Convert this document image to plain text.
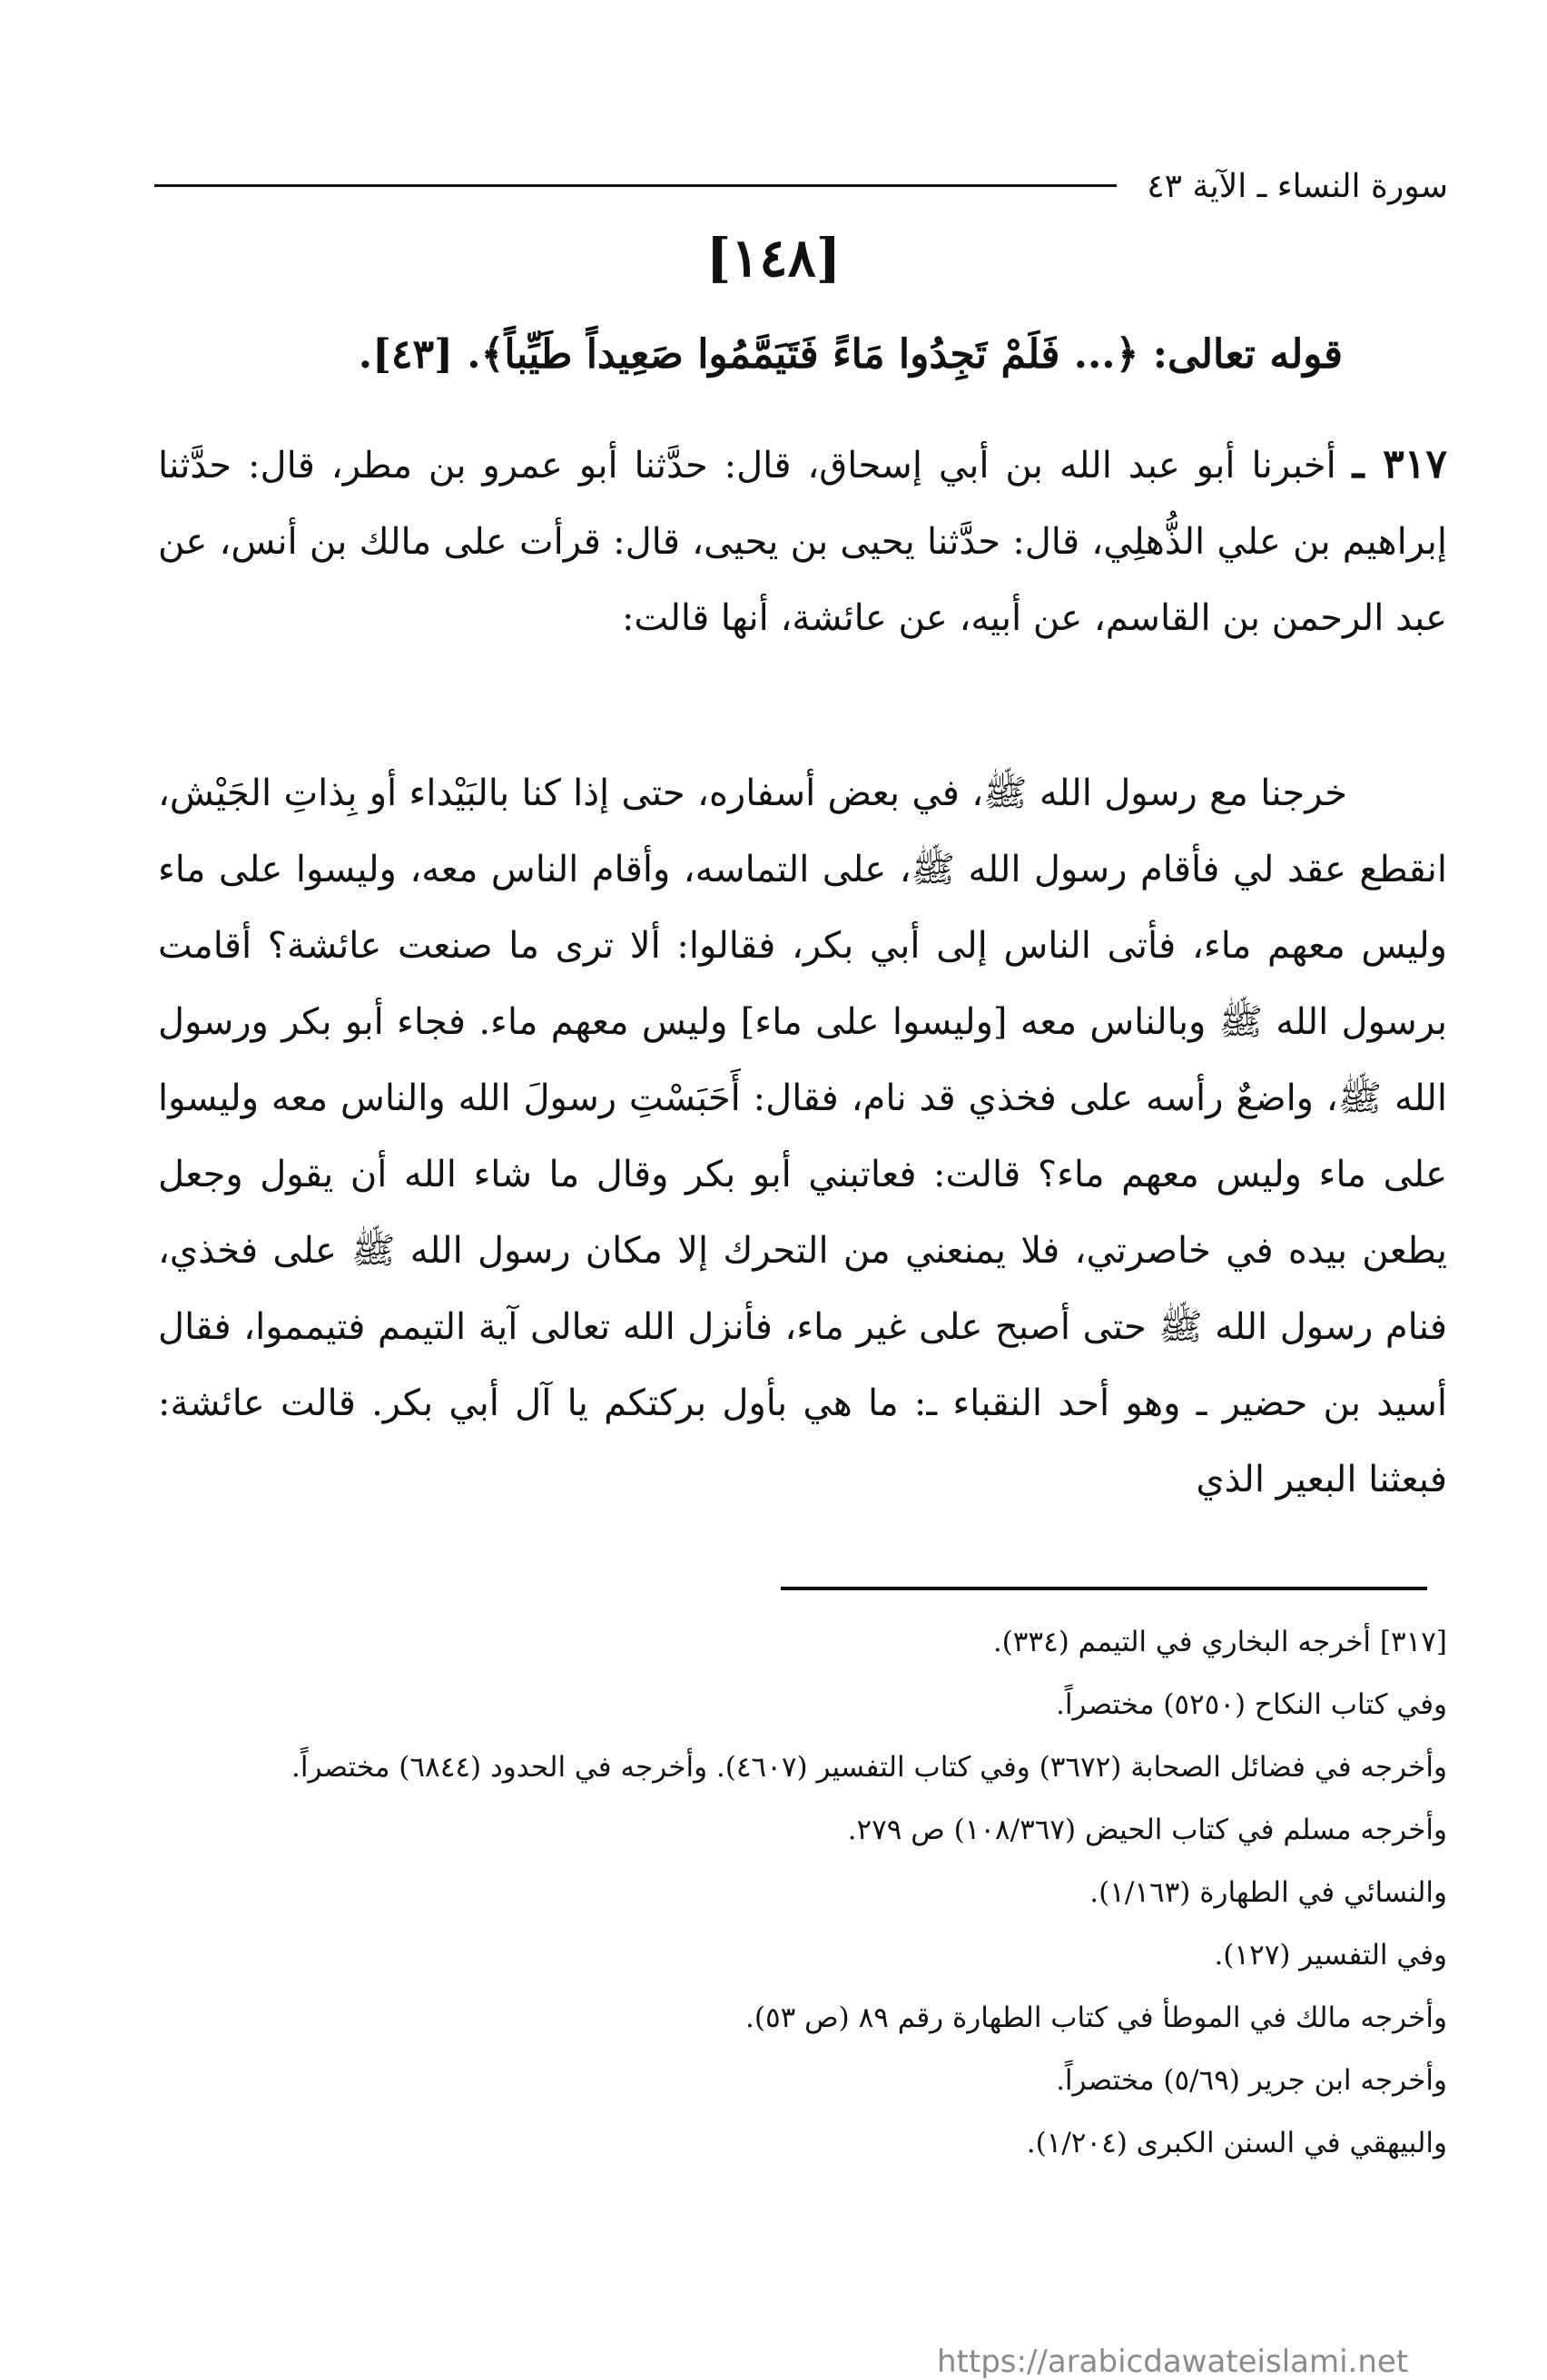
سورة النساء ـ الآية ٤٣
[١٤٨]
قوله تعالى: ﴿... فَلَمْ تَجِدُوا مَاءً فَتَيَمَّمُوا صَعِيداً طَيِّباً﴾. [٤٣].
٣١٧ ـ أخبرنا أبو عبد الله بن أبي إسحاق، قال: حدَّثنا أبو عمرو بن مطر، قال: حدَّثنا إبراهيم بن علي الذُّهلِي، قال: حدَّثنا يحيى بن يحيى، قال: قرأت على مالك بن أنس، عن عبد الرحمن بن القاسم، عن أبيه، عن عائشة، أنها قالت:
خرجنا مع رسول الله ﷺ، في بعض أسفاره، حتى إذا كنا بالبَيْداء أو بِذاتِ الجَيْش، انقطع عقد لي فأقام رسول الله ﷺ، على التماسه، وأقام الناس معه، وليسوا على ماء وليس معهم ماء، فأتى الناس إلى أبي بكر، فقالوا: ألا ترى ما صنعت عائشة؟ أقامت برسول الله ﷺ وبالناس معه [وليسوا على ماء] وليس معهم ماء. فجاء أبو بكر ورسول الله ﷺ، واضعٌ رأسه على فخذي قد نام، فقال: أَحَبَسْتِ رسولَ الله والناس معه وليسوا على ماء وليس معهم ماء؟ قالت: فعاتبني أبو بكر وقال ما شاء الله أن يقول وجعل يطعن بيده في خاصرتي، فلا يمنعني من التحرك إلا مكان رسول الله ﷺ على فخذي، فنام رسول الله ﷺ حتى أصبح على غير ماء، فأنزل الله تعالى آية التيمم فتيمموا، فقال أسيد بن حضير ـ وهو أحد النقباء ـ: ما هي بأول بركتكم يا آل أبي بكر. قالت عائشة: فبعثنا البعير الذي
[٣١٧] أخرجه البخاري في التيمم (٣٣٤).
وفي كتاب النكاح (٥٢٥٠) مختصراً.
وأخرجه في فضائل الصحابة (٣٦٧٢) وفي كتاب التفسير (٤٦٠٧). وأخرجه في الحدود (٦٨٤٤) مختصراً.
وأخرجه مسلم في كتاب الحيض (١٠٨/٣٦٧) ص ٢٧٩.
والنسائي في الطهارة (١/١٦٣).
وفي التفسير (١٢٧).
وأخرجه مالك في الموطأ في كتاب الطهارة رقم ٨٩ (ص ٥٣).
وأخرجه ابن جرير (٥/٦٩) مختصراً.
والبيهقي في السنن الكبرى (١/٢٠٤).
https://arabicdawateislami.net
